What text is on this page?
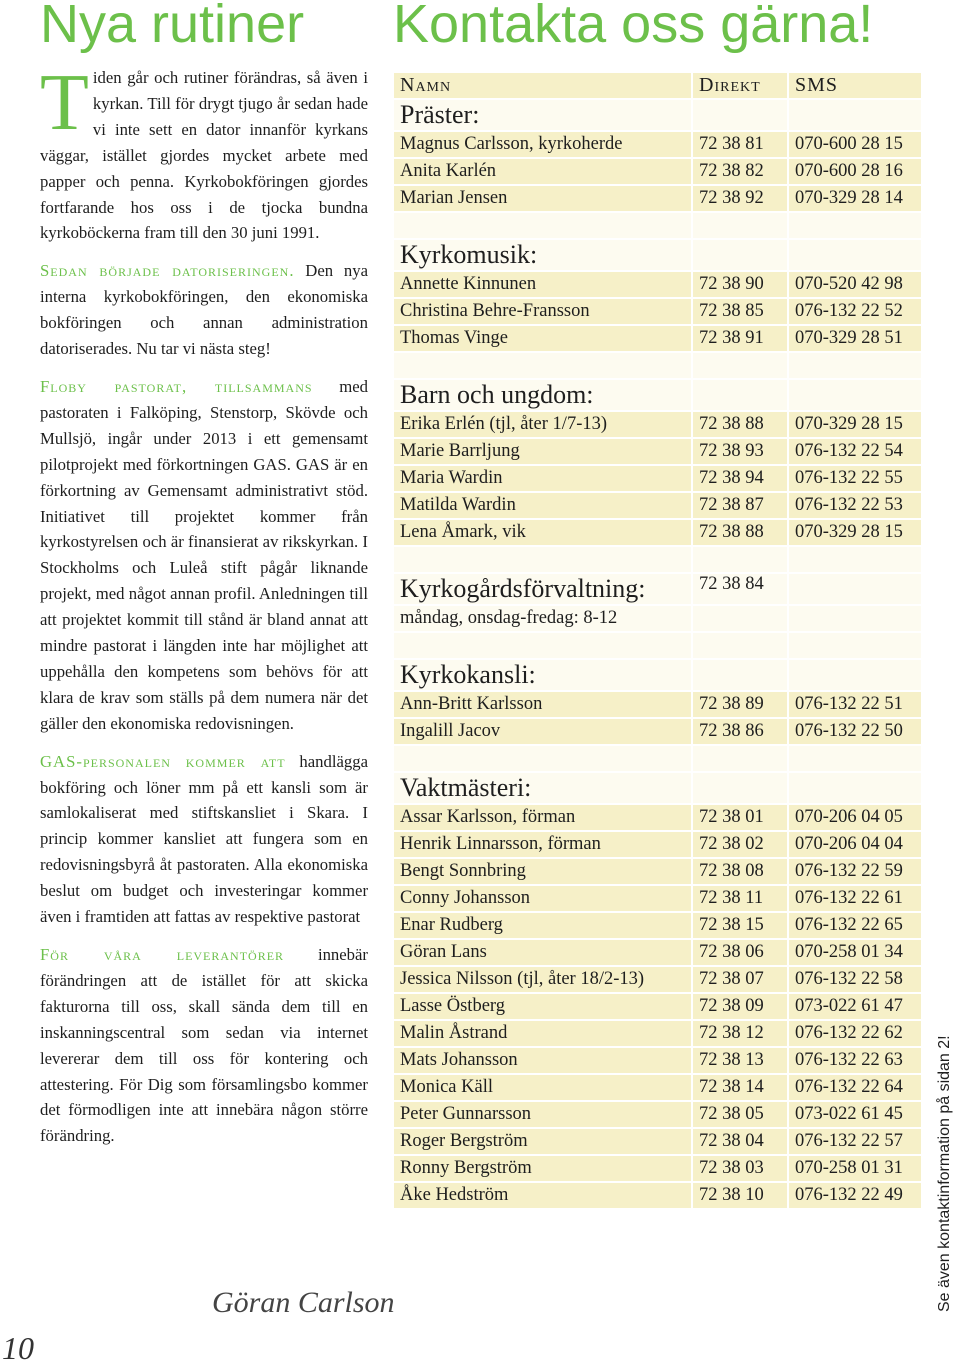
Nya rutiner Kontakta oss gärna!

Tiden går och rutiner förändras, så även i kyrkan. Till för drygt tjugo år sedan hade vi inte sett en dator innanför kyrkans väggar, istället gjordes mycket arbete med papper och penna. Kyrkobokföringen gjordes fortfarande hos oss i de tjocka bundna kyrkoböckerna fram till den 30 juni 1991.

Sedan började datoriseringen. Den nya interna kyrkobokföringen, den ekonomiska bokföringen och annan administration datoriserades. Nu tar vi nästa steg!

Floby pastorat, tillsammans med pastoraten i Falköping, Stenstorp, Skövde och Mullsjö, ingår under 2013 i ett gemensamt pilotprojekt med förkortningen GAS. GAS är en förkortning av Gemensamt administrativt stöd. Initiativet till projektet kommer från kyrkostyrelsen och är finansierat av rikskyrkan. I Stockholms och Luleå stift pågår liknande projekt, med något annan profil. Anledningen till att projektet kommit till stånd är bland annat att mindre pastorat i längden inte har möjlighet att uppehålla den kompetens som behövs för att klara de krav som ställs på dem numera när det gäller den ekonomiska redovisningen.

GAS-personalen kommer att handlägga bokföring och löner mm på ett kansli som är samlokaliserat med stiftskansliet i Skara. I princip kommer kansliet att fungera som en redovisningsbyrå åt pastoraten. Alla ekonomiska beslut om budget och investeringar kommer även i framtiden att fattas av respektive pastorat

För våra leverantörer innebär förändringen att de istället för att skicka fakturorna till oss, skall sända dem till en inskanningscentral som sedan via internet levererar dem till oss för kontering och attestering. För Dig som församlingsbo kommer det förmodligen inte att innebära någon större förändring.

Göran Carlson
10
Se även kontaktinformation på sidan 2!
Namn	Direkt	SMS
Präster:		
Magnus Carlsson, kyrkoherde	72 38 81	070-600 28 15
Anita Karlén	72 38 82	070-600 28 16
Marian Jensen	72 38 92	070-329 28 14

Kyrkomusik:		
Annette Kinnunen	72 38 90	070-520 42 98
Christina Behre-Fransson	72 38 85	076-132 22 52
Thomas Vinge	72 38 91	070-329 28 51

Barn och ungdom:		
Erika Erlén (tjl, åter 1/7-13)	72 38 88	070-329 28 15
Marie Barrljung	72 38 93	076-132 22 54
Maria Wardin	72 38 94	076-132 22 55
Matilda Wardin	72 38 87	076-132 22 53
Lena Åmark, vik	72 38 88	070-329 28 15

Kyrkogårdsförvaltning:	72 38 84	
måndag, onsdag-fredag: 8-12		

Kyrkokansli:		
Ann-Britt Karlsson	72 38 89	076-132 22 51
Ingalill Jacov	72 38 86	076-132 22 50

Vaktmästeri:		
Assar Karlsson, förman	72 38 01	070-206 04 05
Henrik Linnarsson, förman	72 38 02	070-206 04 04
Bengt Sonnbring	72 38 08	076-132 22 59
Conny Johansson	72 38 11	076-132 22 61
Enar Rudberg	72 38 15	076-132 22 65
Göran Lans	72 38 06	070-258 01 34
Jessica Nilsson (tjl, åter 18/2-13)	72 38 07	076-132 22 58
Lasse Östberg	72 38 09	073-022 61 47
Malin Åstrand	72 38 12	076-132 22 62
Mats Johansson	72 38 13	076-132 22 63
Monica Käll	72 38 14	076-132 22 64
Peter Gunnarsson	72 38 05	073-022 61 45
Roger Bergström	72 38 04	076-132 22 57
Ronny Bergström	72 38 03	070-258 01 31
Åke Hedström	72 38 10	076-132 22 49
